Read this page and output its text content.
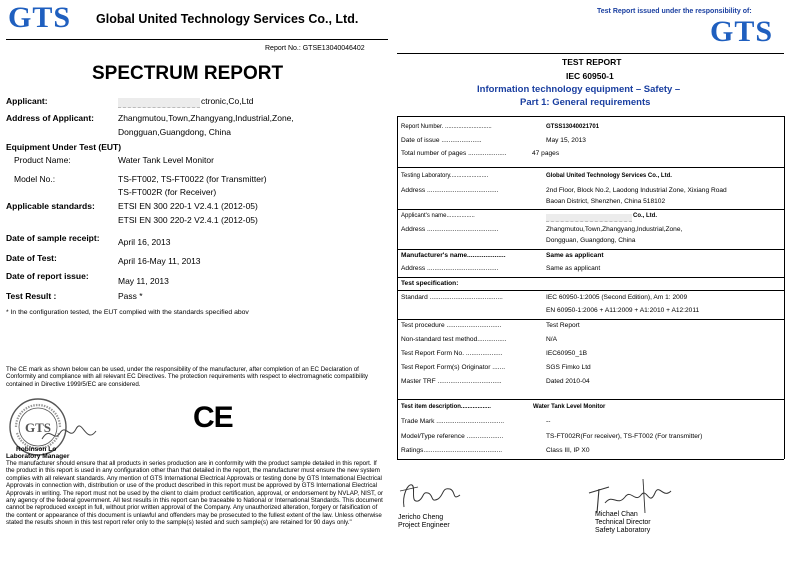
GTS Global United Technology Services Co., Ltd.
Report No.: GTSE13040046402
SPECTRUM REPORT
Applicant:	ctronic,Co,Ltd
Address of Applicant:	Zhangmutou,Town,Zhangyang,Industrial,Zone,
Dongguan,Guangdong, China
Equipment Under Test (EUT)
Product Name:	Water Tank Level Monitor
Model No.:	TS-FT002, TS-FT0022 (for Transmitter)
TS-FT002R (for Receiver)
Applicable standards:	ETSI EN 300 220-1 V2.4.1 (2012-05)
ETSI EN 300 220-2 V2.4.1 (2012-05)
Date of sample receipt: April 16, 2013
Date of Test:	April 16-May 11, 2013
Date of report issue:	May 11, 2013
Test Result :	Pass *
* In the configuration tested, the EUT complied with the standards specified abov
The CE mark as shown below can be used, under the responsibility of the manufacturer, after completion of an EC Declaration of Conformity and compliance with all relevant EC Directives. The protection requirements with respect to electromagnetic compatibility contained in Directive 1999/5/EC are considered.
GTS	CE
Robinson Lo
Laboratory Manager
The manufacturer should ensure that all products in series production are in conformity with the product sample detailed in this report. If the product in this report is used in any configuration other than that detailed in the report, the manufacturer must ensure the new system complies with all relevant standards. Any mention of GTS International Electrical Approvals or testing done by GTS International Electrical Approvals in connection with, distribution or use of the product described in this report must be approved by GTS International Electrical Approvals in writing. The report must not be used by the client to claim product certification, approval, or endorsement by NVLAP, NIST, or any agency of the federal government. All test results in this report can be traceable to National or International Standards. This document cannot be reproduced except in full, without prior written approval of the Company. Any unauthorized alteration, forgery or falsification of the content or appearance of this document is unlawful and offenders may be prosecuted to the fullest extent of the law. Unless otherwise stated the results shown in this test report refer only to the sample(s) tested and such sample(s) are retained for 90 days only."
Test Report issued under the responsibility of:
GTS
TEST REPORT
IEC 60950-1
Information technology equipment – Safety –
Part 1: General requirements
Report Number. ............................	GTSS13040021701
Date of issue ......................	May 15, 2013
Total number of pages .....................	47 pages
Testing Laboratory.......................	Global United Technology Services Co., Ltd.
Address .......................................	2nd Floor, Block No.2, Laodong Industrial Zone, Xixiang Road
Baoan District, Shenzhen, China 518102
Applicant's name.................	Co., Ltd.
Address .......................................	Zhangmutou,Town,Zhangyang,Industrial,Zone,
Dongguan, Guangdong, China
Manufacturer's name.....................	Same as applicant
Address .......................................	Same as applicant
Test specification:
Standard ........................................	IEC 60950-1:2005 (Second Edition), Am 1: 2009
EN 60950-1:2006 + A11:2009 + A1:2010 + A12:2011
Test procedure ..............................	Test Report
Non-standard test method................	N/A
Test Report Form No. ....................	IEC60950_1B
Test Report Form(s) Originator .......	SGS Fimko Ltd
Master TRF ...................................	Dated 2010-04
Test item description..................	Water Tank Level Monitor
Trade Mark .....................................	--
Model/Type reference ....................	TS-FT002R(For receiver), TS-FT002 (For transmitter)
Ratings...........................................	Class III, IP X0
Jericho Cheng
Project Engineer
Michael Chan
Technical Director
Safety Laboratory
